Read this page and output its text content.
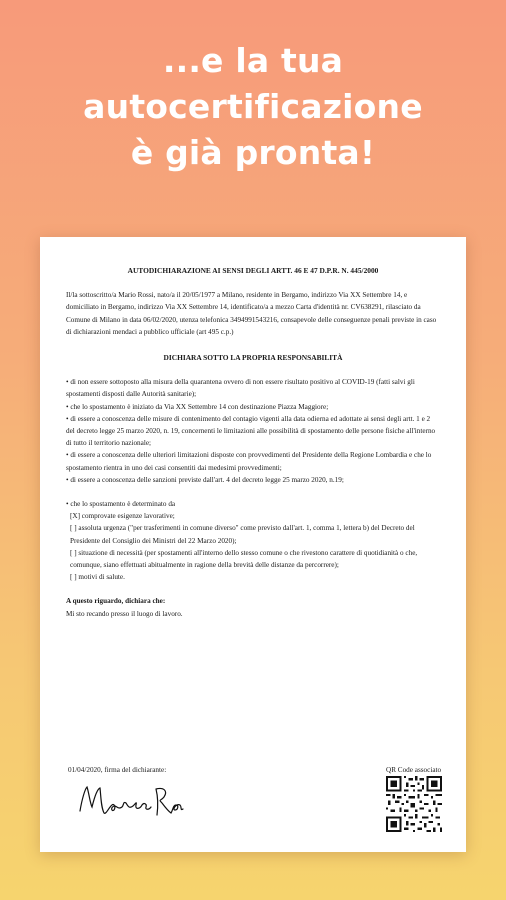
...e la tua
autocertificazione
è già pronta!
AUTODICHIARAZIONE AI SENSI DEGLI ARTT. 46 E 47 D.P.R. N. 445/2000

Il/la sottoscritto/a Mario Rossi, nato/a il 20/05/1977 a Milano, residente in Bergamo, indirizzo Via XX Settembre 14, e domiciliato in Bergamo, indirizzo Via XX Settembre 14, identificato/a a mezzo Carta d'identità nr. CV638291, rilasciato da Comune di Milano in data 06/02/2020, utenza telefonica 3494991543216, consapevole delle conseguenze penali previste in caso di dichiarazioni mendaci a pubblico ufficiale (art 495 c.p.)

DICHIARA SOTTO LA PROPRIA RESPONSABILITÀ

• di non essere sottoposto alla misura della quarantena ovvero di non essere risultato positivo al COVID-19 (fatti salvi gli spostamenti disposti dalle Autorità sanitarie);

• che lo spostamento è iniziato da Via XX Settembre 14 con destinazione Piazza Maggiore;

• di essere a conoscenza delle misure di contenimento del contagio vigenti alla data odierna ed adottate ai sensi degli artt. 1 e 2 del decreto legge 25 marzo 2020, n. 19, concernenti le limitazioni alle possibilità di spostamento delle persone fisiche all'interno di tutto il territorio nazionale;

• di essere a conoscenza delle ulteriori limitazioni disposte con provvedimenti del Presidente della Regione Lombardia e che lo spostamento rientra in uno dei casi consentiti dai medesimi provvedimenti;

• di essere a conoscenza delle sanzioni previste dall'art. 4 del decreto legge 25 marzo 2020, n.19;

• che lo spostamento è determinato da

[X] comprovate esigenze lavorative;

[ ] assoluta urgenza ("per trasferimenti in comune diverso" come previsto dall'art. 1, comma 1, lettera b) del Decreto del Presidente del Consiglio dei Ministri del 22 Marzo 2020);

[ ] situazione di necessità (per spostamenti all'interno dello stesso comune o che rivestono carattere di quotidianità o che, comunque, siano effettuati abitualmente in ragione della brevità delle distanze da percorrere);

[ ] motivi di salute.

A questo riguardo, dichiara che:

Mi sto recando presso il luogo di lavoro.

01/04/2020, firma del dichiarante:	QR Code associato
